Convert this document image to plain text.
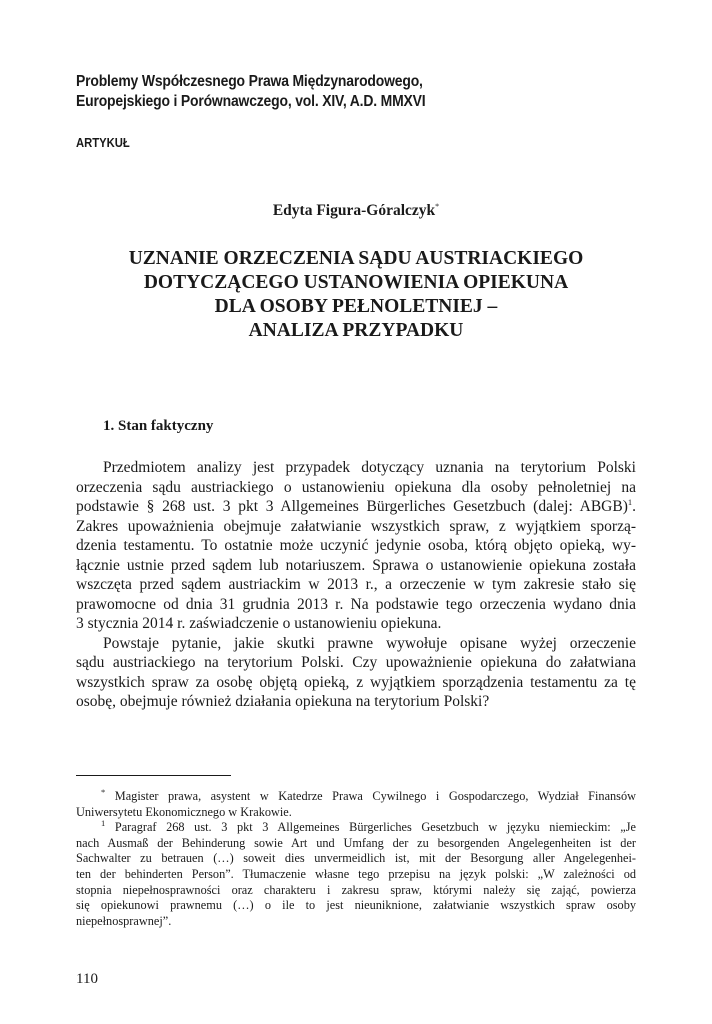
Problemy Współczesnego Prawa Międzynarodowego,
Europejskiego i Porównawczego, vol. XIV, A.D. MMXVI
ARTYKUŁ
Edyta Figura-Góralczyk*
UZNANIE ORZECZENIA SĄDU AUSTRIACKIEGO
DOTYCZĄCEGO USTANOWIENIA OPIEKUNA
DLA OSOBY PEŁNOLETNIEJ –
ANALIZA PRZYPADKU
1. Stan faktyczny
Przedmiotem analizy jest przypadek dotyczący uznania na terytorium Polski
orzeczenia sądu austriackiego o ustanowieniu opiekuna dla osoby pełnoletniej na
podstawie § 268 ust. 3 pkt 3 Allgemeines Bürgerliches Gesetzbuch (dalej: ABGB)$^1$.
Zakres upoważnienia obejmuje załatwianie wszystkich spraw, z wyjątkiem sporzą-
dzenia testamentu. To ostatnie może uczynić jedynie osoba, którą objęto opieką, wy-
łącznie ustnie przed sądem lub notariuszem. Sprawa o ustanowienie opiekuna została
wszczęta przed sądem austriackim w 2013 r., a orzeczenie w tym zakresie stało się
prawomocne od dnia 31 grudnia 2013 r. Na podstawie tego orzeczenia wydano dnia
3 stycznia 2014 r. zaświadczenie o ustanowieniu opiekuna.
Powstaje pytanie, jakie skutki prawne wywołuje opisane wyżej orzeczenie
sądu austriackiego na terytorium Polski. Czy upoważnienie opiekuna do załatwiana
wszystkich spraw za osobę objętą opieką, z wyjątkiem sporządzenia testamentu za tę
osobę, obejmuje również działania opiekuna na terytorium Polski?
* Magister prawa, asystent w Katedrze Prawa Cywilnego i Gospodarczego, Wydział Finansów
Uniwersytetu Ekonomicznego w Krakowie.
$^1$ Paragraf 268 ust. 3 pkt 3 Allgemeines Bürgerliches Gesetzbuch w języku niemieckim: „Je
nach Ausmaß der Behinderung sowie Art und Umfang der zu besorgenden Angelegenheiten ist der
Sachwalter zu betrauen (…) soweit dies unvermeidlich ist, mit der Besorgung aller Angelegenhei-
ten der behinderten Person”. Tłumaczenie własne tego przepisu na język polski: „W zależności od
stopnia niepełnosprawności oraz charakteru i zakresu spraw, którymi należy się zająć, powierza
się opiekunowi prawnemu (…) o ile to jest nieuniknione, załatwianie wszystkich spraw osoby
niepełnosprawnej”.
110
